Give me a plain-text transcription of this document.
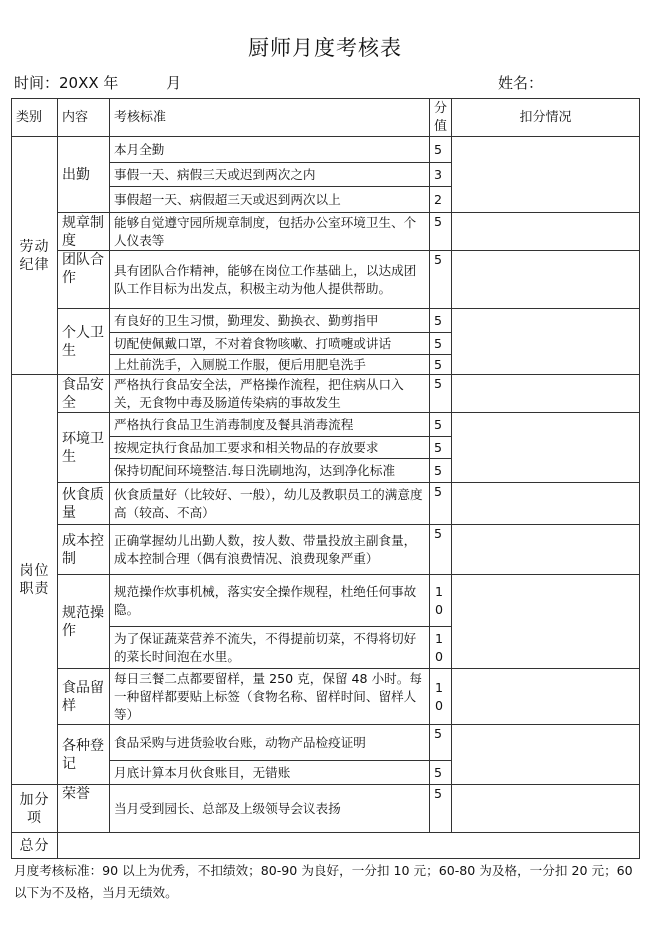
厨师月度考核表
时间：20XX 年          月	姓名：
类别	内容	考核标准	分值	扣分情况
劳动纪律	出勤	本月全勤	5	
		事假一天、病假三天或迟到两次之内	3	
		事假超一天、病假超三天或迟到两次以上	2	
	规章制度	能够自觉遵守园所规章制度，包括办公室环境卫生、个人仪表等	5	
	团队合作	具有团队合作精神，能够在岗位工作基础上，以达成团队工作目标为出发点，积极主动为他人提供帮助。	5	
	个人卫生	有良好的卫生习惯，勤理发、勤换衣、勤剪指甲	5	
		切配使佩戴口罩，不对着食物咳嗽、打喷嚏或讲话	5	
		上灶前洗手，入厕脱工作服，便后用肥皂洗手	5	
岗位职责	食品安全	严格执行食品安全法，严格操作流程，把住病从口入关，无食物中毒及肠道传染病的事故发生	5	
	环境卫生	严格执行食品卫生消毒制度及餐具消毒流程	5	
		按规定执行食品加工要求和相关物品的存放要求	5	
		保持切配间环境整洁.每日洗刷地沟，达到净化标准	5	
	伙食质量	伙食质量好（比较好、一般），幼儿及教职员工的满意度高（较高、不高）	5	
	成本控制	正确掌握幼儿出勤人数，按人数、带量投放主副食量，成本控制合理（偶有浪费情况、浪费现象严重）	5	
	规范操作	规范操作炊事机械，落实安全操作规程，杜绝任何事故隐。	10	
		为了保证蔬菜营养不流失，不得提前切菜，不得将切好的菜长时间泡在水里。	10	
	食品留样	每日三餐二点都要留样，量 250 克，保留 48 小时。每一种留样都要贴上标签（食物名称、留样时间、留样人等）	10	
	各种登记	食品采购与进货验收台账，动物产品检疫证明	5	
		月底计算本月伙食账目，无错账	5	
加分项	荣誉	当月受到园长、总部及上级领导会议表扬	5	
总分				
月度考核标准：90 以上为优秀，不扣绩效；80-90 为良好，一分扣 10 元；60-80 为及格，一分扣 20 元；60 以下为不及格，当月无绩效。
